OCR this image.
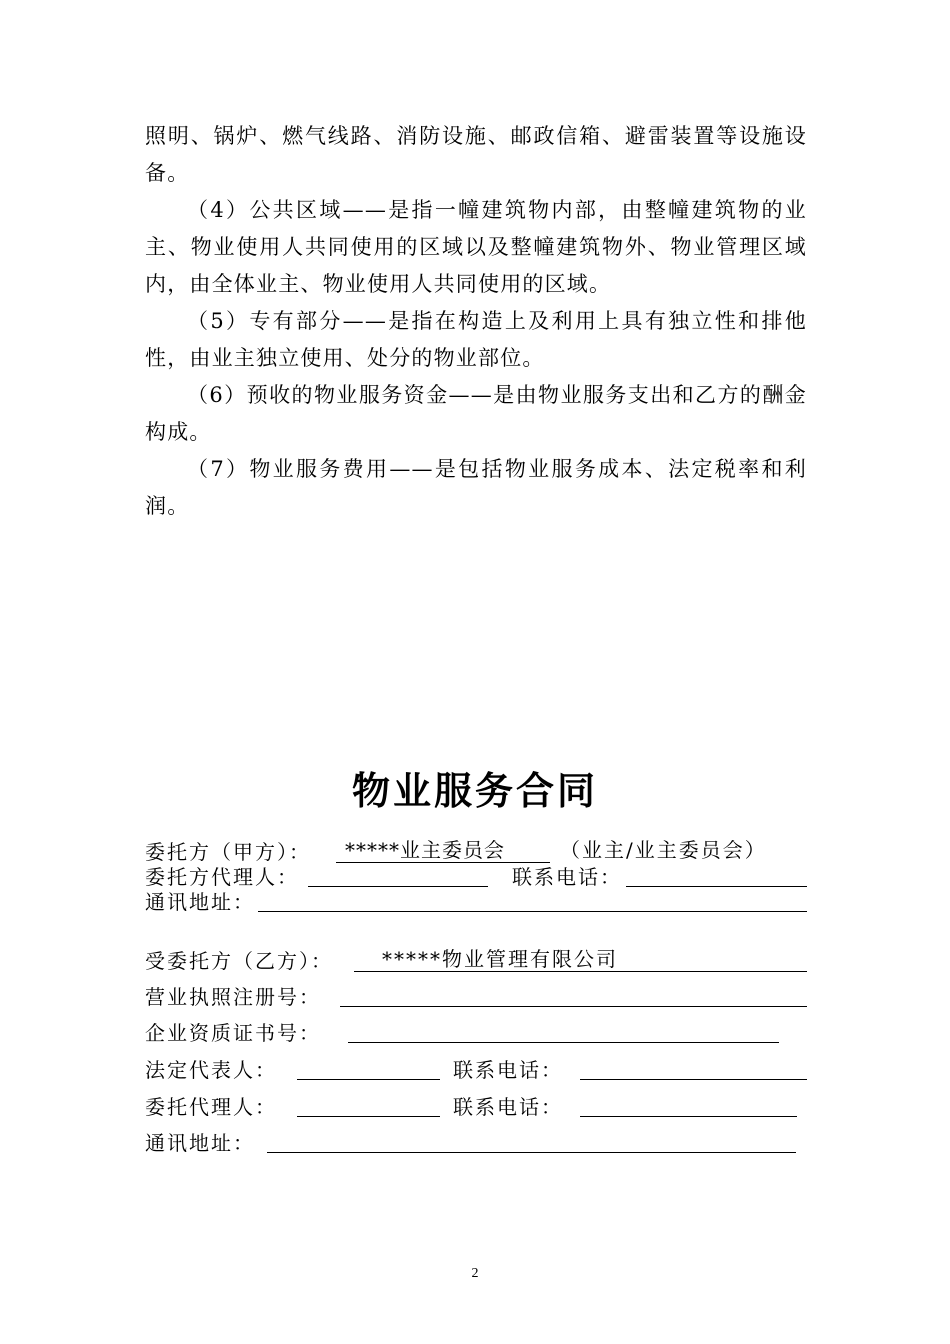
照明、锅炉、燃气线路、消防设施、邮政信箱、避雷装置等设施设备。

（4）公共区域——是指一幢建筑物内部，由整幢建筑物的业主、物业使用人共同使用的区域以及整幢建筑物外、物业管理区域内，由全体业主、物业使用人共同使用的区域。

（5）专有部分——是指在构造上及利用上具有独立性和排他性，由业主独立使用、处分的物业部位。

（6）预收的物业服务资金——是由物业服务支出和乙方的酬金构成。

（7）物业服务费用——是包括物业服务成本、法定税率和利润。

物业服务合同
委托方（甲方）： *****业主委员会	（业主/业主委员会）
委托方代理人：	联系电话：
通讯地址：
受委托方（乙方）： *****物业管理有限公司
营业执照注册号：
企业资质证书号：
法定代表人：	联系电话：
委托代理人：	联系电话：
通讯地址：
2
